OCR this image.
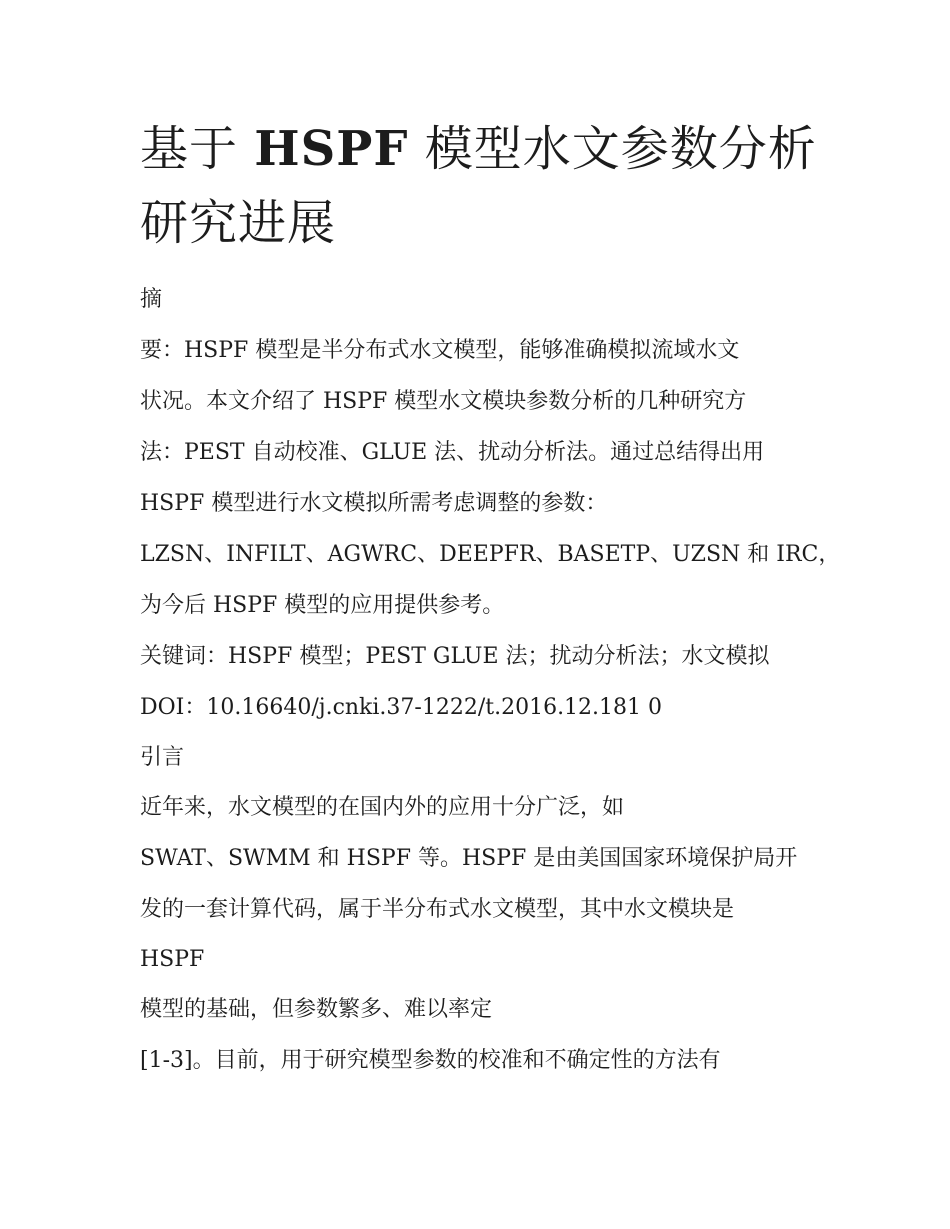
基于 HSPF 模型水文参数分析
研究进展
摘
要：HSPF 模型是半分布式水文模型，能够准确模拟流域水文
状况。本文介绍了 HSPF 模型水文模块参数分析的几种研究方
法：PEST 自动校准、GLUE 法、扰动分析法。通过总结得出用
HSPF 模型进行水文模拟所需考虑调整的参数：
LZSN、INFILT、AGWRC、DEEPFR、BASETP、UZSN 和 IRC，
为今后 HSPF 模型的应用提供参考。
关键词：HSPF 模型；PEST GLUE 法；扰动分析法；水文模拟
DOI：10.16640/j.cnki.37-1222/t.2016.12.181 0
引言
近年来，水文模型的在国内外的应用十分广泛，如
SWAT、SWMM 和 HSPF 等。HSPF 是由美国国家环境保护局开
发的一套计算代码，属于半分布式水文模型，其中水文模块是
HSPF
模型的基础，但参数繁多、难以率定
[1-3]。目前，用于研究模型参数的校准和不确定性的方法有
